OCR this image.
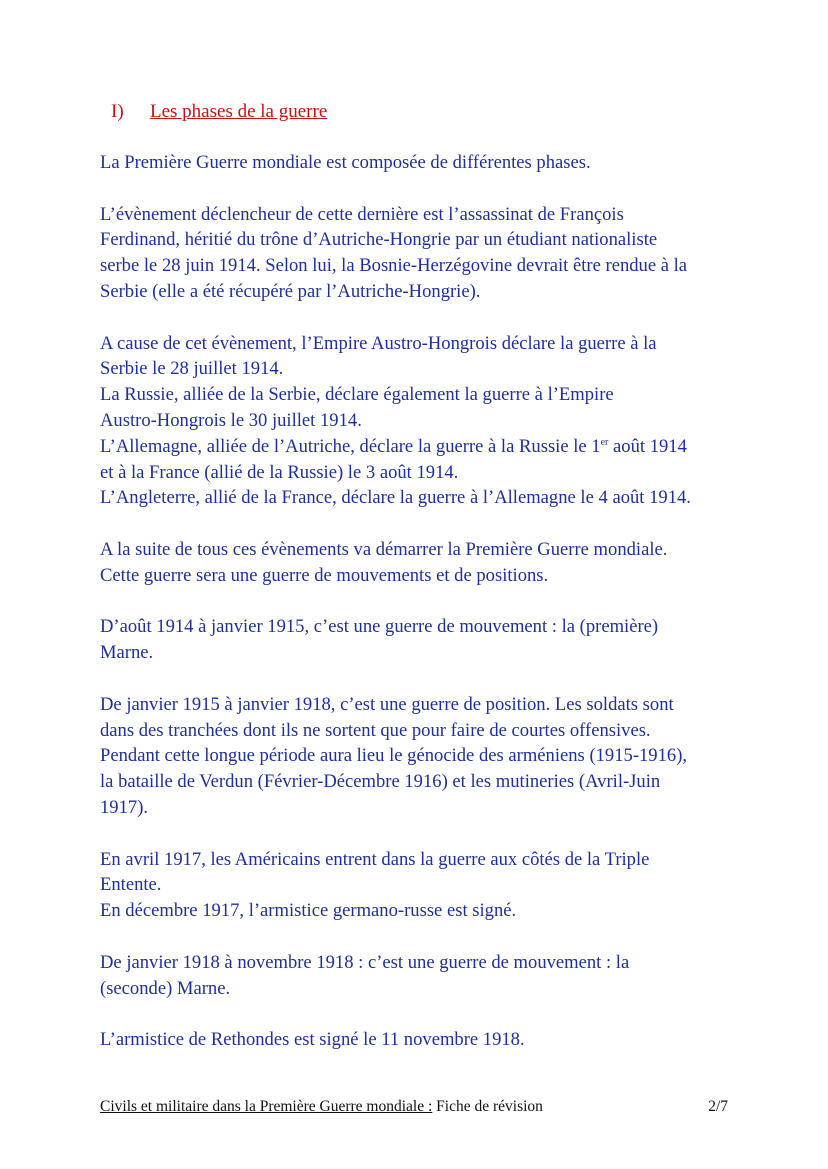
I) Les phases de la guerre

La Première Guerre mondiale est composée de différentes phases.

L’évènement déclencheur de cette dernière est l’assassinat de François
Ferdinand, héritié du trône d’Autriche-Hongrie par un étudiant nationaliste
serbe le 28 juin 1914. Selon lui, la Bosnie-Herzégovine devrait être rendue à la
Serbie (elle a été récupéré par l’Autriche-Hongrie).

A cause de cet évènement, l’Empire Austro-Hongrois déclare la guerre à la
Serbie le 28 juillet 1914.
La Russie, alliée de la Serbie, déclare également la guerre à l’Empire
Austro-Hongrois le 30 juillet 1914.
L’Allemagne, alliée de l’Autriche, déclare la guerre à la Russie le 1er août 1914
et à la France (allié de la Russie) le 3 août 1914.
L’Angleterre, allié de la France, déclare la guerre à l’Allemagne le 4 août 1914.

A la suite de tous ces évènements va démarrer la Première Guerre mondiale.
Cette guerre sera une guerre de mouvements et de positions.

D’août 1914 à janvier 1915, c’est une guerre de mouvement : la (première)
Marne.

De janvier 1915 à janvier 1918, c’est une guerre de position. Les soldats sont
dans des tranchées dont ils ne sortent que pour faire de courtes offensives.
Pendant cette longue période aura lieu le génocide des arméniens (1915-1916),
la bataille de Verdun (Février-Décembre 1916) et les mutineries (Avril-Juin
1917).

En avril 1917, les Américains entrent dans la guerre aux côtés de la Triple
Entente.
En décembre 1917, l’armistice germano-russe est signé.

De janvier 1918 à novembre 1918 : c’est une guerre de mouvement : la
(seconde) Marne.

L’armistice de Rethondes est signé le 11 novembre 1918.

Civils et militaire dans la Première Guerre mondiale : Fiche de révision	2/7
